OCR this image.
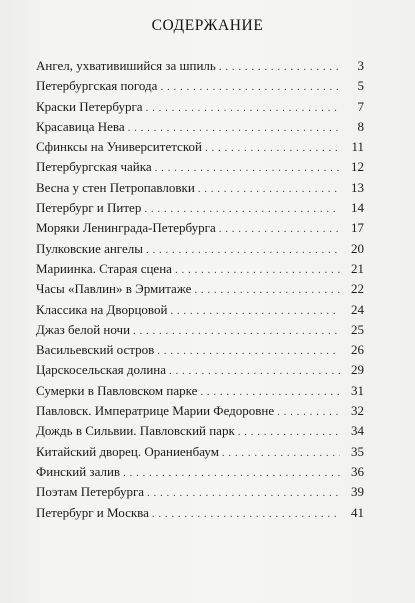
СОДЕРЖАНИЕ
Ангел, ухвативишийся за шпиль . . .	3
Петербургская погода . . .	5
Краски Петербурга . . .	7
Красавица Нева . . .	8
Сфинксы на Университетской . . .	11
Петербургская чайка . . .	12
Весна у стен Петропавловки . . .	13
Петербург и Питер . . .	14
Моряки Ленинграда-Петербурга . . .	17
Пулковские ангелы . . .	20
Мариинка. Старая сцена . . .	21
Часы «Павлин» в Эрмитаже . . .	22
Классика на Дворцовой . . .	24
Джаз белой ночи . . .	25
Васильевский остров . . .	26
Царскосельская долина . . .	29
Сумерки в Павловском парке . . .	31
Павловск. Императрице Марии Федоровне . . .	32
Дождь в Сильвии. Павловский парк . . .	34
Китайский дворец. Ораниенбаум . . .	35
Финский залив . . .	36
Поэтам Петербурга . . .	39
Петербург и Москва . . .	41
